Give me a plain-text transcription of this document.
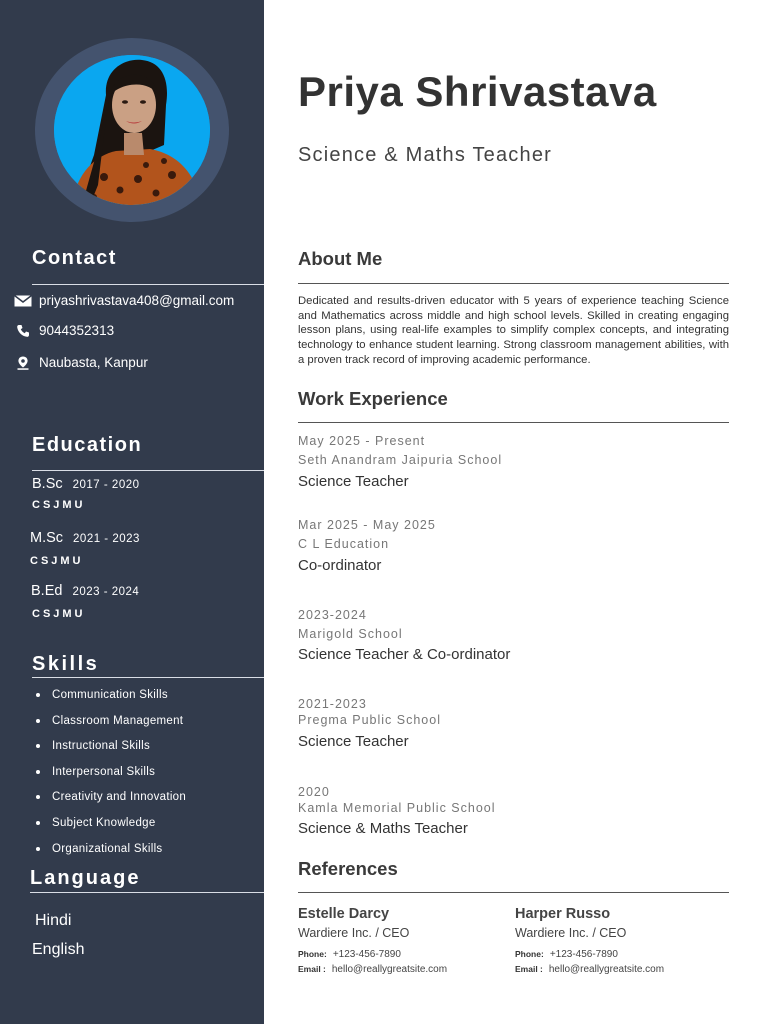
Contact
priyashrivastava408@gmail.com
9044352313
Naubasta, Kanpur
Education
B.Sc 2017 - 2020
CSJMU
M.Sc 2021 - 2023
CSJMU
B.Ed 2023 - 2024
CSJMU
Skills
Communication Skills
Classroom Management
Instructional Skills
Interpersonal Skills
Creativity and Innovation
Subject Knowledge
Organizational Skills
Language
Hindi
English
Priya Shrivastava
Science & Maths Teacher
About Me
Dedicated and results-driven educator with 5 years of experience teaching Science and Mathematics across middle and high school levels. Skilled in creating engaging lesson plans, using real-life examples to simplify complex concepts, and integrating technology to enhance student learning. Strong classroom management abilities, with a proven track record of improving academic performance.
Work Experience
May 2025 - Present
Seth Anandram Jaipuria School
Science Teacher
Mar 2025 - May 2025
C L Education
Co-ordinator
2023-2024
Marigold School
Science Teacher & Co-ordinator
2021-2023
Pregma Public School
Science Teacher
2020
Kamla Memorial Public School
Science & Maths Teacher
References
Estelle Darcy
Wardiere Inc. / CEO
Phone: +123-456-7890
Email : hello@reallygreatsite.com
Harper Russo
Wardiere Inc. / CEO
Phone: +123-456-7890
Email : hello@reallygreatsite.com
